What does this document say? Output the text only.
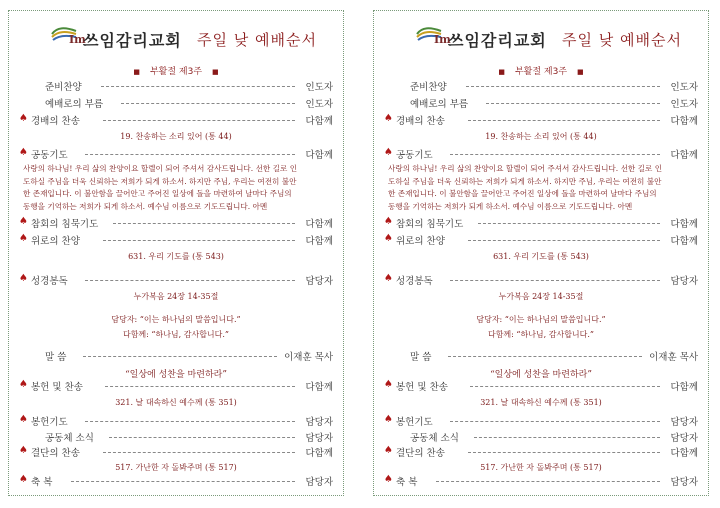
Im
쓰임감리교회 주일 낮 예배순서
■ 부활절 제3주 ■
준비찬양	인도자
예배로의 부름	인도자
♠ 경배의 찬송	다함께
19. 찬송하는 소리 있어 (통 44)
♠ 공동기도	다함께
사랑의 하나님! 우리 삶의 찬양이요 할렐이 되어 주셔서 감사드립니다. 선한 길로 인
도하실 주님을 더욱 신뢰하는 저희가 되게 하소서. 하지만 주님, 우리는 여전히 불안
한 존재입니다. 이 불안함을 끌어안고 주어진 일상에 돌을 마련하여 날마다 주님의
동행을 기억하는 저희가 되게 하소서. 예수님 이름으로 기도드립니다. 아멘
♠ 참회의 침묵기도	다함께
♠ 위로의 찬양	다함께
631. 우리 기도를 (통 543)
♠ 성경봉독	담당자
누가복음 24장 14-35절
담당자: “이는 하나님의 말씀입니다.”
다함께: “하나님, 감사합니다.”
말 씀	이재훈 목사
“일상에 성찬을 마련하라”
♠ 봉헌 및 찬송	다함께
321. 날 대속하신 예수께 (통 351)
♠ 봉헌기도	담당자
공동체 소식	담당자
♠ 결단의 찬송	다함께
517. 가난한 자 돌봐주며 (통 517)
♠ 축 복	담당자
Im
쓰임감리교회 주일 낮 예배순서
■ 부활절 제3주 ■
준비찬양	인도자
예배로의 부름	인도자
♠ 경배의 찬송	다함께
19. 찬송하는 소리 있어 (통 44)
♠ 공동기도	다함께
사랑의 하나님! 우리 삶의 찬양이요 할렐이 되어 주셔서 감사드립니다. 선한 길로 인
도하실 주님을 더욱 신뢰하는 저희가 되게 하소서. 하지만 주님, 우리는 여전히 불안
한 존재입니다. 이 불안함을 끌어안고 주어진 일상에 돌을 마련하여 날마다 주님의
동행을 기억하는 저희가 되게 하소서. 예수님 이름으로 기도드립니다. 아멘
♠ 참회의 침묵기도	다함께
♠ 위로의 찬양	다함께
631. 우리 기도를 (통 543)
♠ 성경봉독	담당자
누가복음 24장 14-35절
담당자: “이는 하나님의 말씀입니다.”
다함께: “하나님, 감사합니다.”
말 씀	이재훈 목사
“일상에 성찬을 마련하라”
♠ 봉헌 및 찬송	다함께
321. 날 대속하신 예수께 (통 351)
♠ 봉헌기도	담당자
공동체 소식	담당자
♠ 결단의 찬송	다함께
517. 가난한 자 돌봐주며 (통 517)
♠ 축 복	담당자
